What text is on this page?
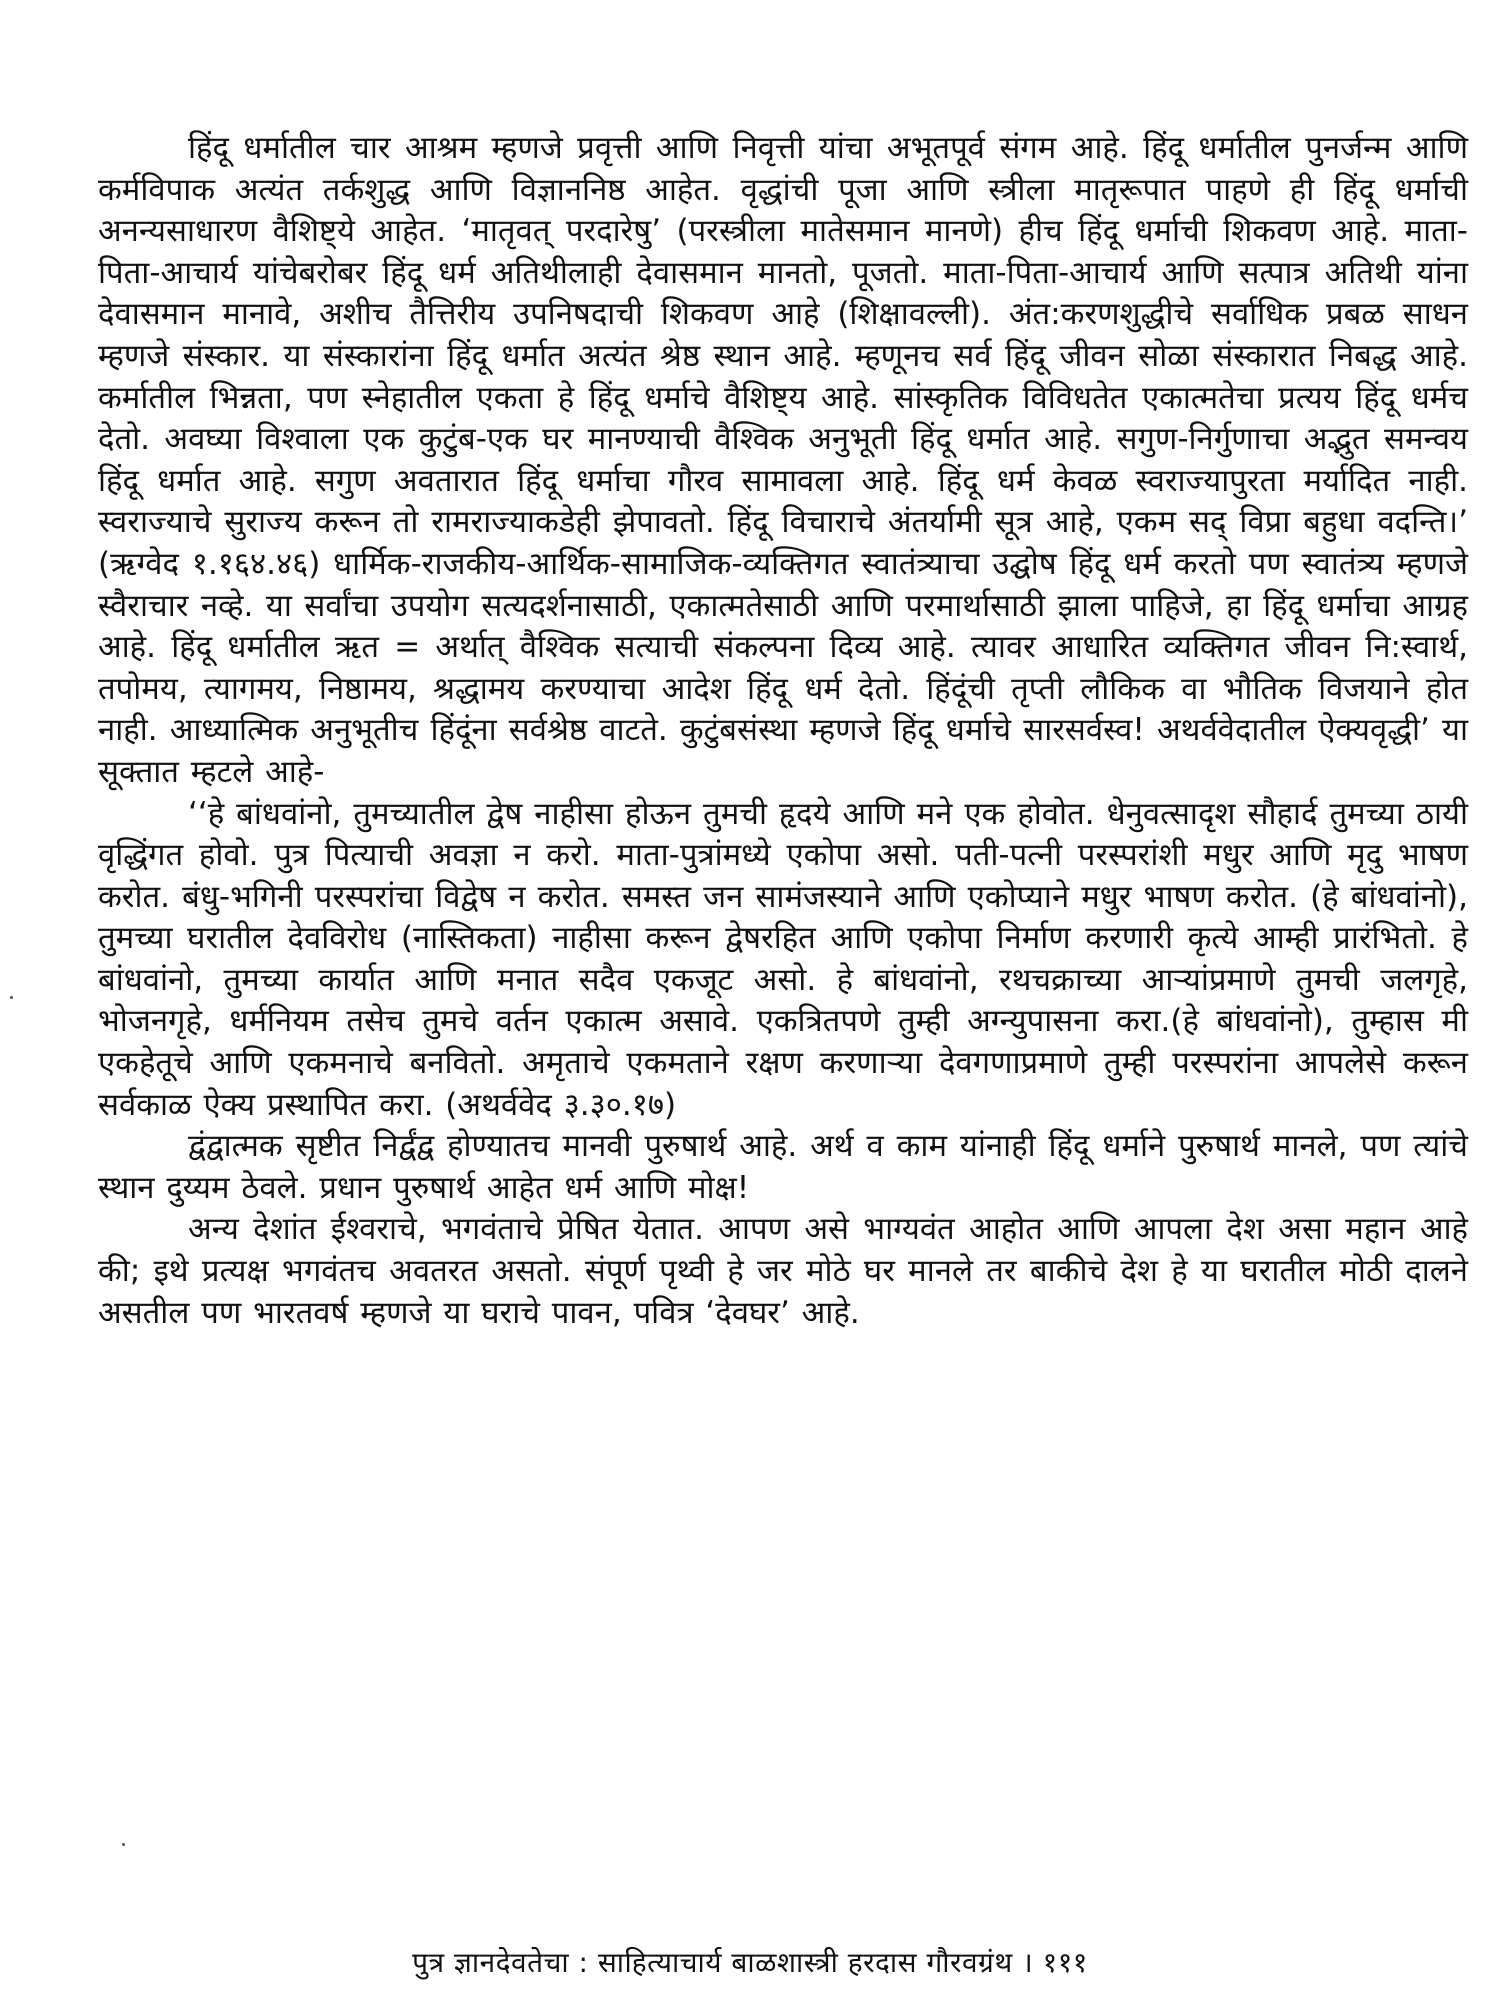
हिंदू धर्मातील चार आश्रम म्हणजे प्रवृत्ती आणि निवृत्ती यांचा अभूतपूर्व संगम आहे. हिंदू धर्मातील पुनर्जन्म आणि कर्मविपाक अत्यंत तर्कशुद्ध आणि विज्ञाननिष्ठ आहेत. वृद्धांची पूजा आणि स्त्रीला मातृरूपात पाहणे ही हिंदू धर्माची अनन्यसाधारण वैशिष्ट्ये आहेत. ‘मातृवत् परदारेषु’ (परस्त्रीला मातेसमान मानणे) हीच हिंदू धर्माची शिकवण आहे. माता-पिता-आचार्य यांचेबरोबर हिंदू धर्म अतिथीलाही देवासमान मानतो, पूजतो. माता-पिता-आचार्य आणि सत्पात्र अतिथी यांना देवासमान मानावे, अशीच तैत्तिरीय उपनिषदाची शिकवण आहे (शिक्षावल्ली). अंत:करणशुद्धीचे सर्वाधिक प्रबळ साधन म्हणजे संस्कार. या संस्कारांना हिंदू धर्मात अत्यंत श्रेष्ठ स्थान आहे. म्हणूनच सर्व हिंदू जीवन सोळा संस्कारात निबद्ध आहे. कर्मातील भिन्नता, पण स्नेहातील एकता हे हिंदू धर्माचे वैशिष्ट्य आहे. सांस्कृतिक विविधतेत एकात्मतेचा प्रत्यय हिंदू धर्मच देतो. अवघ्या विश्वाला एक कुटुंब-एक घर मानण्याची वैश्विक अनुभूती हिंदू धर्मात आहे. सगुण-निर्गुणाचा अद्भुत समन्वय हिंदू धर्मात आहे. सगुण अवतारात हिंदू धर्माचा गौरव सामावला आहे. हिंदू धर्म केवळ स्वराज्यापुरता मर्यादित नाही. स्वराज्याचे सुराज्य करून तो रामराज्याकडेही झेपावतो. हिंदू विचाराचे अंतर्यामी सूत्र आहे, एकम सद् विप्रा बहुधा वदन्ति।’ (ऋग्वेद १.१६४.४६) धार्मिक-राजकीय-आर्थिक-सामाजिक-व्यक्तिगत स्वातंत्र्याचा उद्घोष हिंदू धर्म करतो पण स्वातंत्र्य म्हणजे स्वैराचार नव्हे. या सर्वांचा उपयोग सत्यदर्शनासाठी, एकात्मतेसाठी आणि परमार्थासाठी झाला पाहिजे, हा हिंदू धर्माचा आग्रह आहे. हिंदू धर्मातील ऋत = अर्थात् वैश्विक सत्याची संकल्पना दिव्य आहे. त्यावर आधारित व्यक्तिगत जीवन नि:स्वार्थ, तपोमय, त्यागमय, निष्ठामय, श्रद्धामय करण्याचा आदेश हिंदू धर्म देतो. हिंदूंची तृप्ती लौकिक वा भौतिक विजयाने होत नाही. आध्यात्मिक अनुभूतीच हिंदूंना सर्वश्रेष्ठ वाटते. कुटुंबसंस्था म्हणजे हिंदू धर्माचे सारसर्वस्व! अथर्ववेदातील ऐक्यवृद्धी’ या सूक्तात म्हटले आहे-

‘‘हे बांधवांनो, तुमच्यातील द्वेष नाहीसा होऊन तुमची हृदये आणि मने एक होवोत. धेनुवत्सादृश सौहार्द तुमच्या ठायी वृद्धिंगत होवो. पुत्र पित्याची अवज्ञा न करो. माता-पुत्रांमध्ये एकोपा असो. पती-पत्नी परस्परांशी मधुर आणि मृदु भाषण करोत. बंधु-भगिनी परस्परांचा विद्वेष न करोत. समस्त जन सामंजस्याने आणि एकोप्याने मधुर भाषण करोत. (हे बांधवांनो), तुमच्या घरातील देवविरोध (नास्तिकता) नाहीसा करून द्वेषरहित आणि एकोपा निर्माण करणारी कृत्ये आम्ही प्रारंभितो. हे बांधवांनो, तुमच्या कार्यात आणि मनात सदैव एकजूट असो. हे बांधवांनो, रथचक्राच्या आऱ्यांप्रमाणे तुमची जलगृहे, भोजनगृहे, धर्मनियम तसेच तुमचे वर्तन एकात्म असावे. एकत्रितपणे तुम्ही अग्न्युपासना करा.(हे बांधवांनो), तुम्हास मी एकहेतूचे आणि एकमनाचे बनवितो. अमृताचे एकमताने रक्षण करणाऱ्या देवगणाप्रमाणे तुम्ही परस्परांना आपलेसे करून सर्वकाळ ऐक्य प्रस्थापित करा. (अथर्ववेद ३.३०.१७)

द्वंद्वात्मक सृष्टीत निर्द्वंद्व होण्यातच मानवी पुरुषार्थ आहे. अर्थ व काम यांनाही हिंदू धर्माने पुरुषार्थ मानले, पण त्यांचे स्थान दुय्यम ठेवले. प्रधान पुरुषार्थ आहेत धर्म आणि मोक्ष!

अन्य देशांत ईश्वराचे, भगवंताचे प्रेषित येतात. आपण असे भाग्यवंत आहोत आणि आपला देश असा महान आहे की; इथे प्रत्यक्ष भगवंतच अवतरत असतो. संपूर्ण पृथ्वी हे जर मोठे घर मानले तर बाकीचे देश हे या घरातील मोठी दालने असतील पण भारतवर्ष म्हणजे या घराचे पावन, पवित्र ‘देवघर’ आहे.

पुत्र ज्ञानदेवतेचा : साहित्याचार्य बाळशास्त्री हरदास गौरवग्रंथ । १११
